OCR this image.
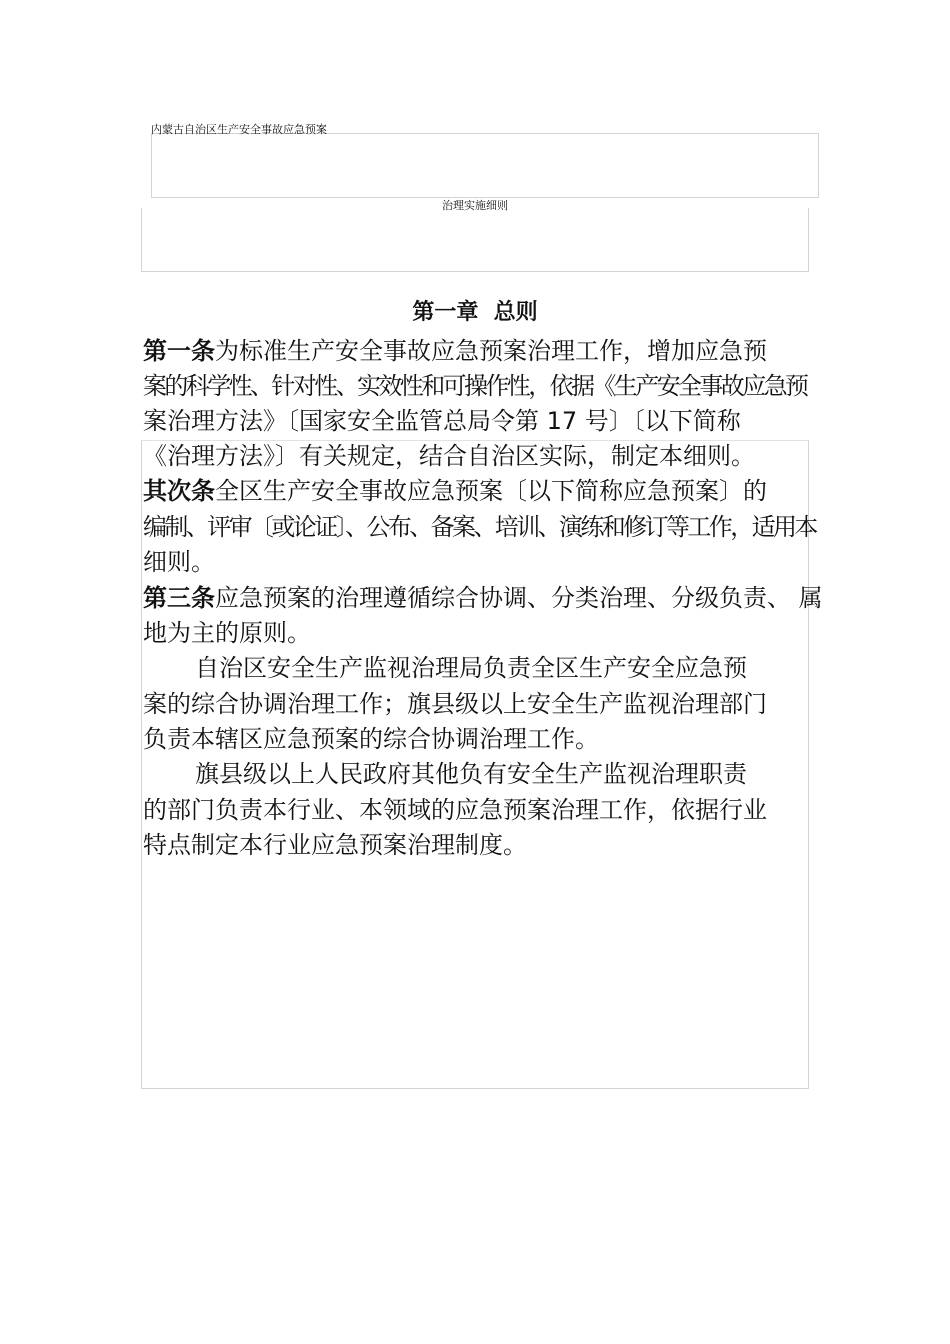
内蒙古自治区生产安全事故应急预案
治理实施细则
第一章  总则
第一条为标准生产安全事故应急预案治理工作，增加应急预
案的科学性、针对性、实效性和可操作性，依据《生产安全事故应急预
案治理方法》〔国家安全监管总局令第 17 号〕〔以下简称
《治理方法》〕有关规定，结合自治区实际，制定本细则。
其次条全区生产安全事故应急预案〔以下简称应急预案〕的
编制、评审〔或论证〕、公布、备案、培训、演练和修订等工作，适用本
细则。
第三条应急预案的治理遵循综合协调、分类治理、分级负责、 属
地为主的原则。
自治区安全生产监视治理局负责全区生产安全应急预
案的综合协调治理工作；旗县级以上安全生产监视治理部门
负责本辖区应急预案的综合协调治理工作。
旗县级以上人民政府其他负有安全生产监视治理职责
的部门负责本行业、本领域的应急预案治理工作，依据行业
特点制定本行业应急预案治理制度。
